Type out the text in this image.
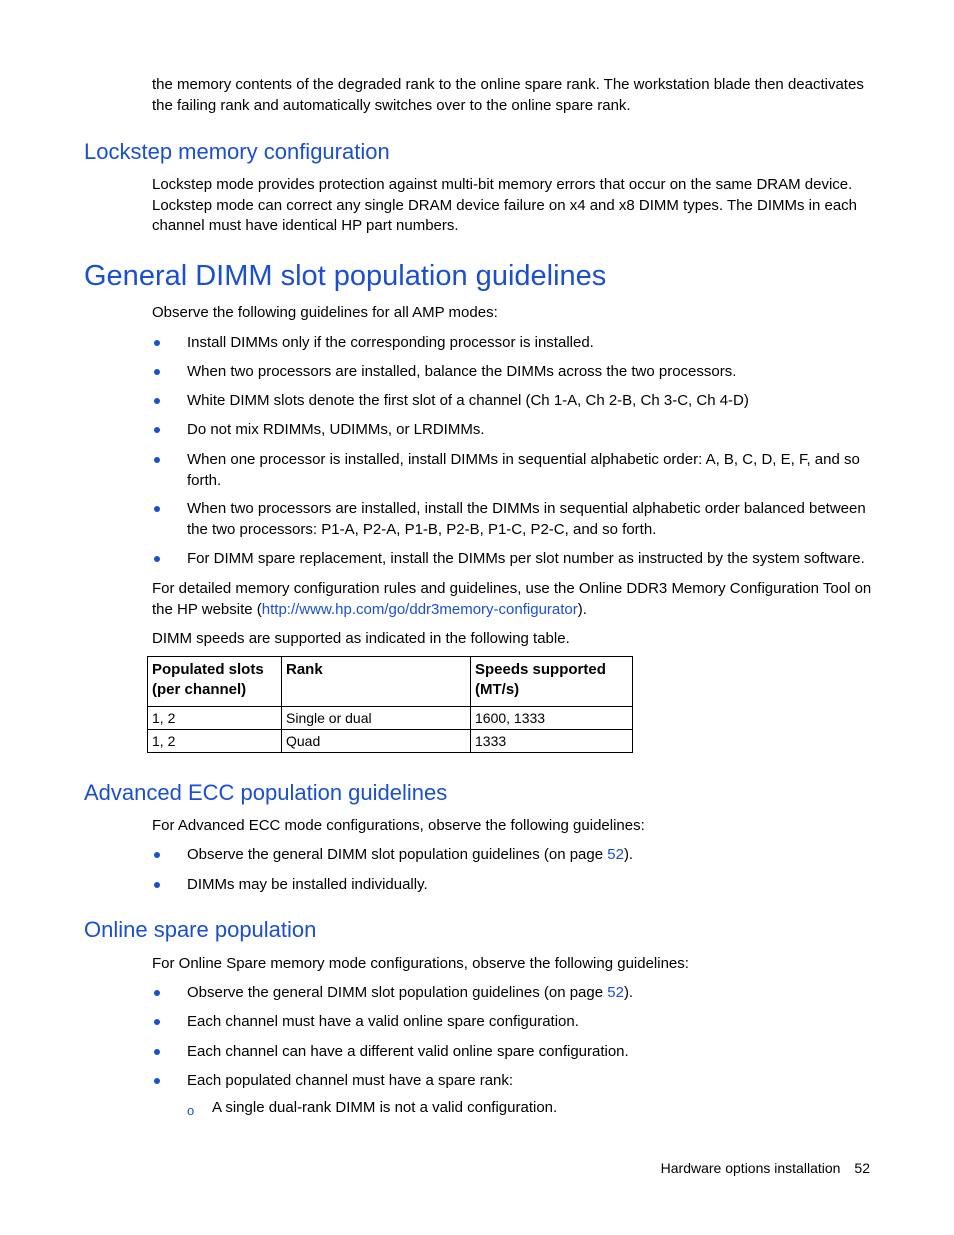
the memory contents of the degraded rank to the online spare rank. The workstation blade then deactivates the failing rank and automatically switches over to the online spare rank.

Lockstep memory configuration

Lockstep mode provides protection against multi-bit memory errors that occur on the same DRAM device. Lockstep mode can correct any single DRAM device failure on x4 and x8 DIMM types. The DIMMs in each channel must have identical HP part numbers.

General DIMM slot population guidelines

Observe the following guidelines for all AMP modes:

Install DIMMs only if the corresponding processor is installed.
When two processors are installed, balance the DIMMs across the two processors.
White DIMM slots denote the first slot of a channel (Ch 1-A, Ch 2-B, Ch 3-C, Ch 4-D)
Do not mix RDIMMs, UDIMMs, or LRDIMMs.
When one processor is installed, install DIMMs in sequential alphabetic order: A, B, C, D, E, F, and so forth.
When two processors are installed, install the DIMMs in sequential alphabetic order balanced between the two processors: P1-A, P2-A, P1-B, P2-B, P1-C, P2-C, and so forth.
For DIMM spare replacement, install the DIMMs per slot number as instructed by the system software.

For detailed memory configuration rules and guidelines, use the Online DDR3 Memory Configuration Tool on the HP website (http://www.hp.com/go/ddr3memory-configurator).

DIMM speeds are supported as indicated in the following table.

Populated slots (per channel)	Rank	Speeds supported (MT/s)
1, 2	Single or dual	1600, 1333
1, 2	Quad	1333
Advanced ECC population guidelines

For Advanced ECC mode configurations, observe the following guidelines:

Observe the general DIMM slot population guidelines (on page 52).
DIMMs may be installed individually.
Online spare population

For Online Spare memory mode configurations, observe the following guidelines:

Observe the general DIMM slot population guidelines (on page 52).
Each channel must have a valid online spare configuration.
Each channel can have a different valid online spare configuration.
Each populated channel must have a spare rank:
o A single dual-rank DIMM is not a valid configuration.
Hardware options installation 52
